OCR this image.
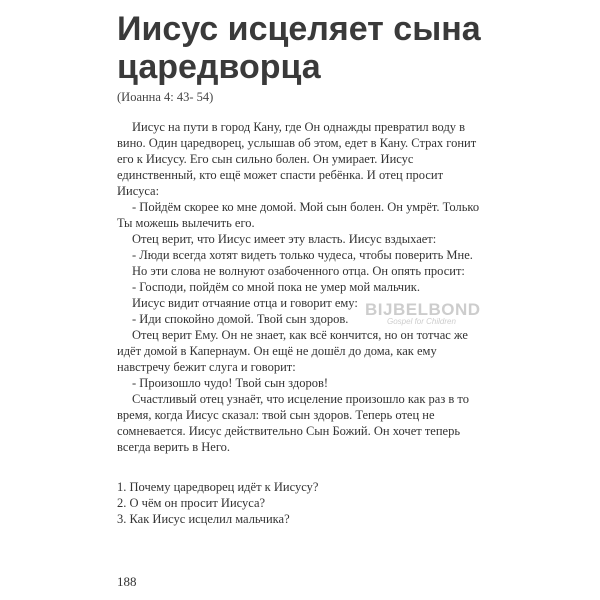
Иисус исцеляет сына царедворца
(Иоанна 4: 43- 54)

Иисус на пути в город Кану, где Он однажды превратил воду в вино. Один царедворец, услышав об этом, едет в Кану. Страх гонит его к Иисусу. Его сын сильно болен. Он умирает. Иисус единственный, кто ещё может спасти ребёнка. И отец просит Иисуса:

- Пойдём скорее ко мне домой. Мой сын болен. Он умрёт. Только Ты можешь вылечить его.

Отец верит, что Иисус имеет эту власть. Иисус вздыхает:

- Люди всегда хотят видеть только чудеса, чтобы поверить Мне.

Но эти слова не волнуют озабоченного отца. Он опять просит:

- Господи, пойдём со мной пока не умер мой мальчик.

Иисус видит отчаяние отца и говорит ему:

- Иди спокойно домой. Твой сын здоров.

Отец верит Ему. Он не знает, как всё кончится, но он тотчас же идёт домой в Капернаум. Он ещё не дошёл до дома, как ему навстречу бежит слуга и говорит:

- Произошло чудо! Твой сын здоров!

Счастливый отец узнаёт, что исцеление произошло как раз в то время, когда Иисус сказал: твой сын здоров. Теперь отец не сомневается. Иисус действительно Сын Божий. Он хочет теперь всегда верить в Него.

1. Почему царедворец идёт к Иисусу?
2. О чём он просит Иисуса?
3. Как Иисус исцелил мальчика?
188
BIJBELBOND
Gospel for Children
